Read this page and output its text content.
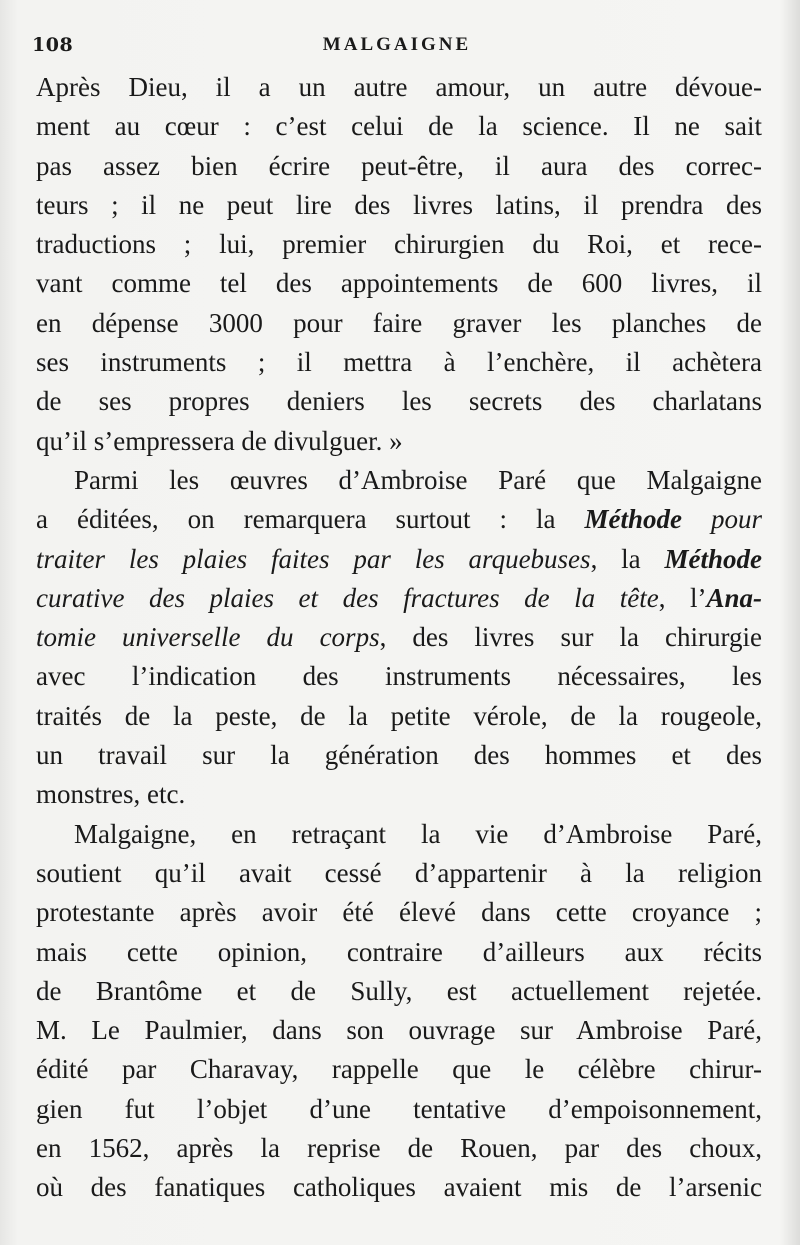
108	MALGAIGNE
Après Dieu, il a un autre amour, un autre dévoue-
ment au cœur : c’est celui de la science. Il ne sait
pas assez bien écrire peut-être, il aura des correc-
teurs ; il ne peut lire des livres latins, il prendra des
traductions ; lui, premier chirurgien du Roi, et rece-
vant comme tel des appointements de 600 livres, il
en dépense 3000 pour faire graver les planches de
ses instruments ; il mettra à l’enchère, il achètera
de ses propres deniers les secrets des charlatans
qu’il s’empressera de divulguer. »
Parmi les œuvres d’Ambroise Paré que Malgaigne
a éditées, on remarquera surtout : la Méthode pour
traiter les plaies faites par les arquebuses, la Méthode
curative des plaies et des fractures de la tête, l’Ana-
tomie universelle du corps, des livres sur la chirurgie
avec l’indication des instruments nécessaires, les
traités de la peste, de la petite vérole, de la rougeole,
un travail sur la génération des hommes et des
monstres, etc.
Malgaigne, en retraçant la vie d’Ambroise Paré,
soutient qu’il avait cessé d’appartenir à la religion
protestante après avoir été élevé dans cette croyance ;
mais cette opinion, contraire d’ailleurs aux récits
de Brantôme et de Sully, est actuellement rejetée.
M. Le Paulmier, dans son ouvrage sur Ambroise Paré,
édité par Charavay, rappelle que le célèbre chirur-
gien fut l’objet d’une tentative d’empoisonnement,
en 1562, après la reprise de Rouen, par des choux,
où des fanatiques catholiques avaient mis de l’arsenic
